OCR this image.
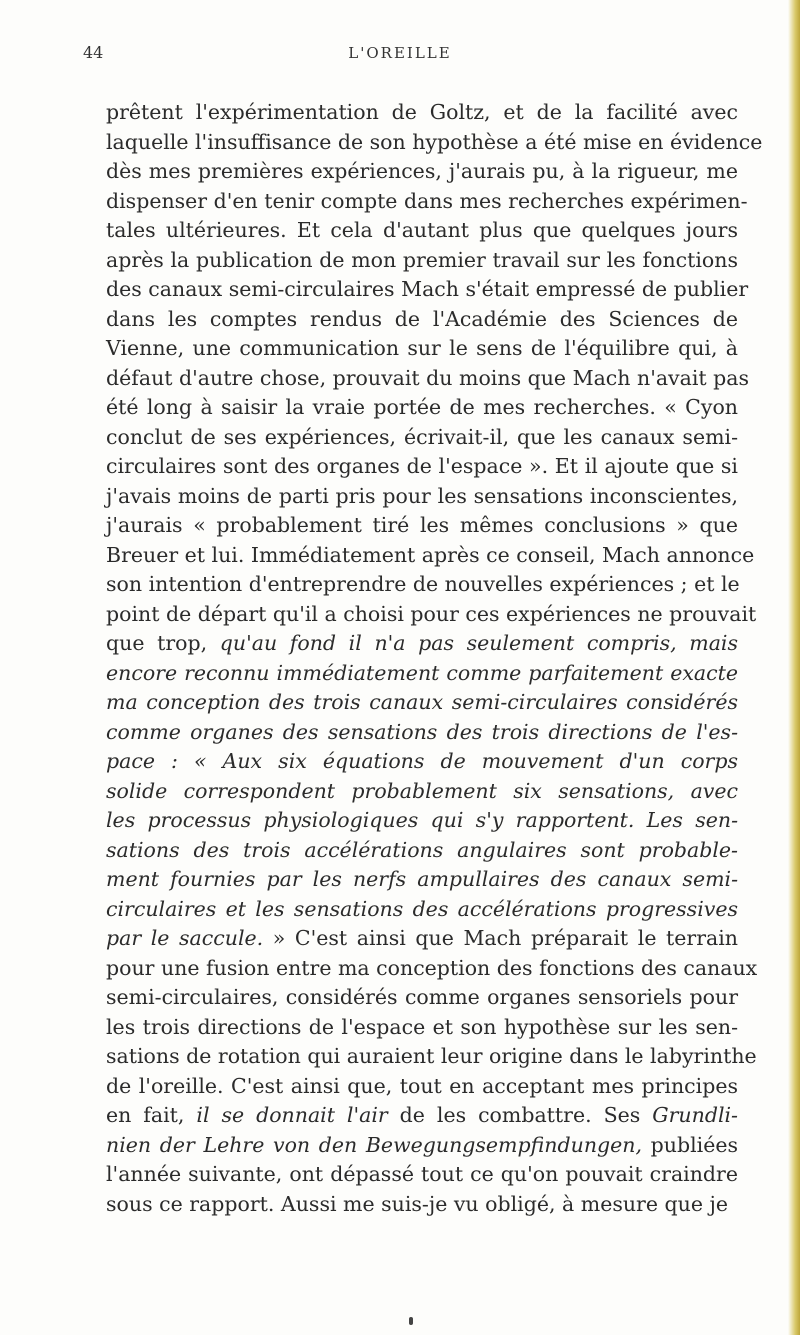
44	L'OREILLE
prêtent l'expérimentation de Goltz, et de la facilité avec
laquelle l'insuffisance de son hypothèse a été mise en évidence
dès mes premières expériences, j'aurais pu, à la rigueur, me
dispenser d'en tenir compte dans mes recherches expérimen-
tales ultérieures. Et cela d'autant plus que quelques jours
après la publication de mon premier travail sur les fonctions
des canaux semi-circulaires Mach s'était empressé de publier
dans les comptes rendus de l'Académie des Sciences de
Vienne, une communication sur le sens de l'équilibre qui, à
défaut d'autre chose, prouvait du moins que Mach n'avait pas
été long à saisir la vraie portée de mes recherches. « Cyon
conclut de ses expériences, écrivait-il, que les canaux semi-
circulaires sont des organes de l'espace ». Et il ajoute que si
j'avais moins de parti pris pour les sensations inconscientes,
j'aurais « probablement tiré les mêmes conclusions » que
Breuer et lui. Immédiatement après ce conseil, Mach annonce
son intention d'entreprendre de nouvelles expériences ; et le
point de départ qu'il a choisi pour ces expériences ne prouvait
que trop, qu'au fond il n'a pas seulement compris, mais
encore reconnu immédiatement comme parfaitement exacte
ma conception des trois canaux semi-circulaires considérés
comme organes des sensations des trois directions de l'es-
pace : « Aux six équations de mouvement d'un corps
solide correspondent probablement six sensations, avec
les processus physiologiques qui s'y rapportent. Les sen-
sations des trois accélérations angulaires sont probable-
ment fournies par les nerfs ampullaires des canaux semi-
circulaires et les sensations des accélérations progressives
par le saccule. » C'est ainsi que Mach préparait le terrain
pour une fusion entre ma conception des fonctions des canaux
semi-circulaires, considérés comme organes sensoriels pour
les trois directions de l'espace et son hypothèse sur les sen-
sations de rotation qui auraient leur origine dans le labyrinthe
de l'oreille. C'est ainsi que, tout en acceptant mes principes
en fait, il se donnait l'air de les combattre. Ses Grundli-
nien der Lehre von den Bewegungsempfindungen, publiées
l'année suivante, ont dépassé tout ce qu'on pouvait craindre
sous ce rapport. Aussi me suis-je vu obligé, à mesure que je
